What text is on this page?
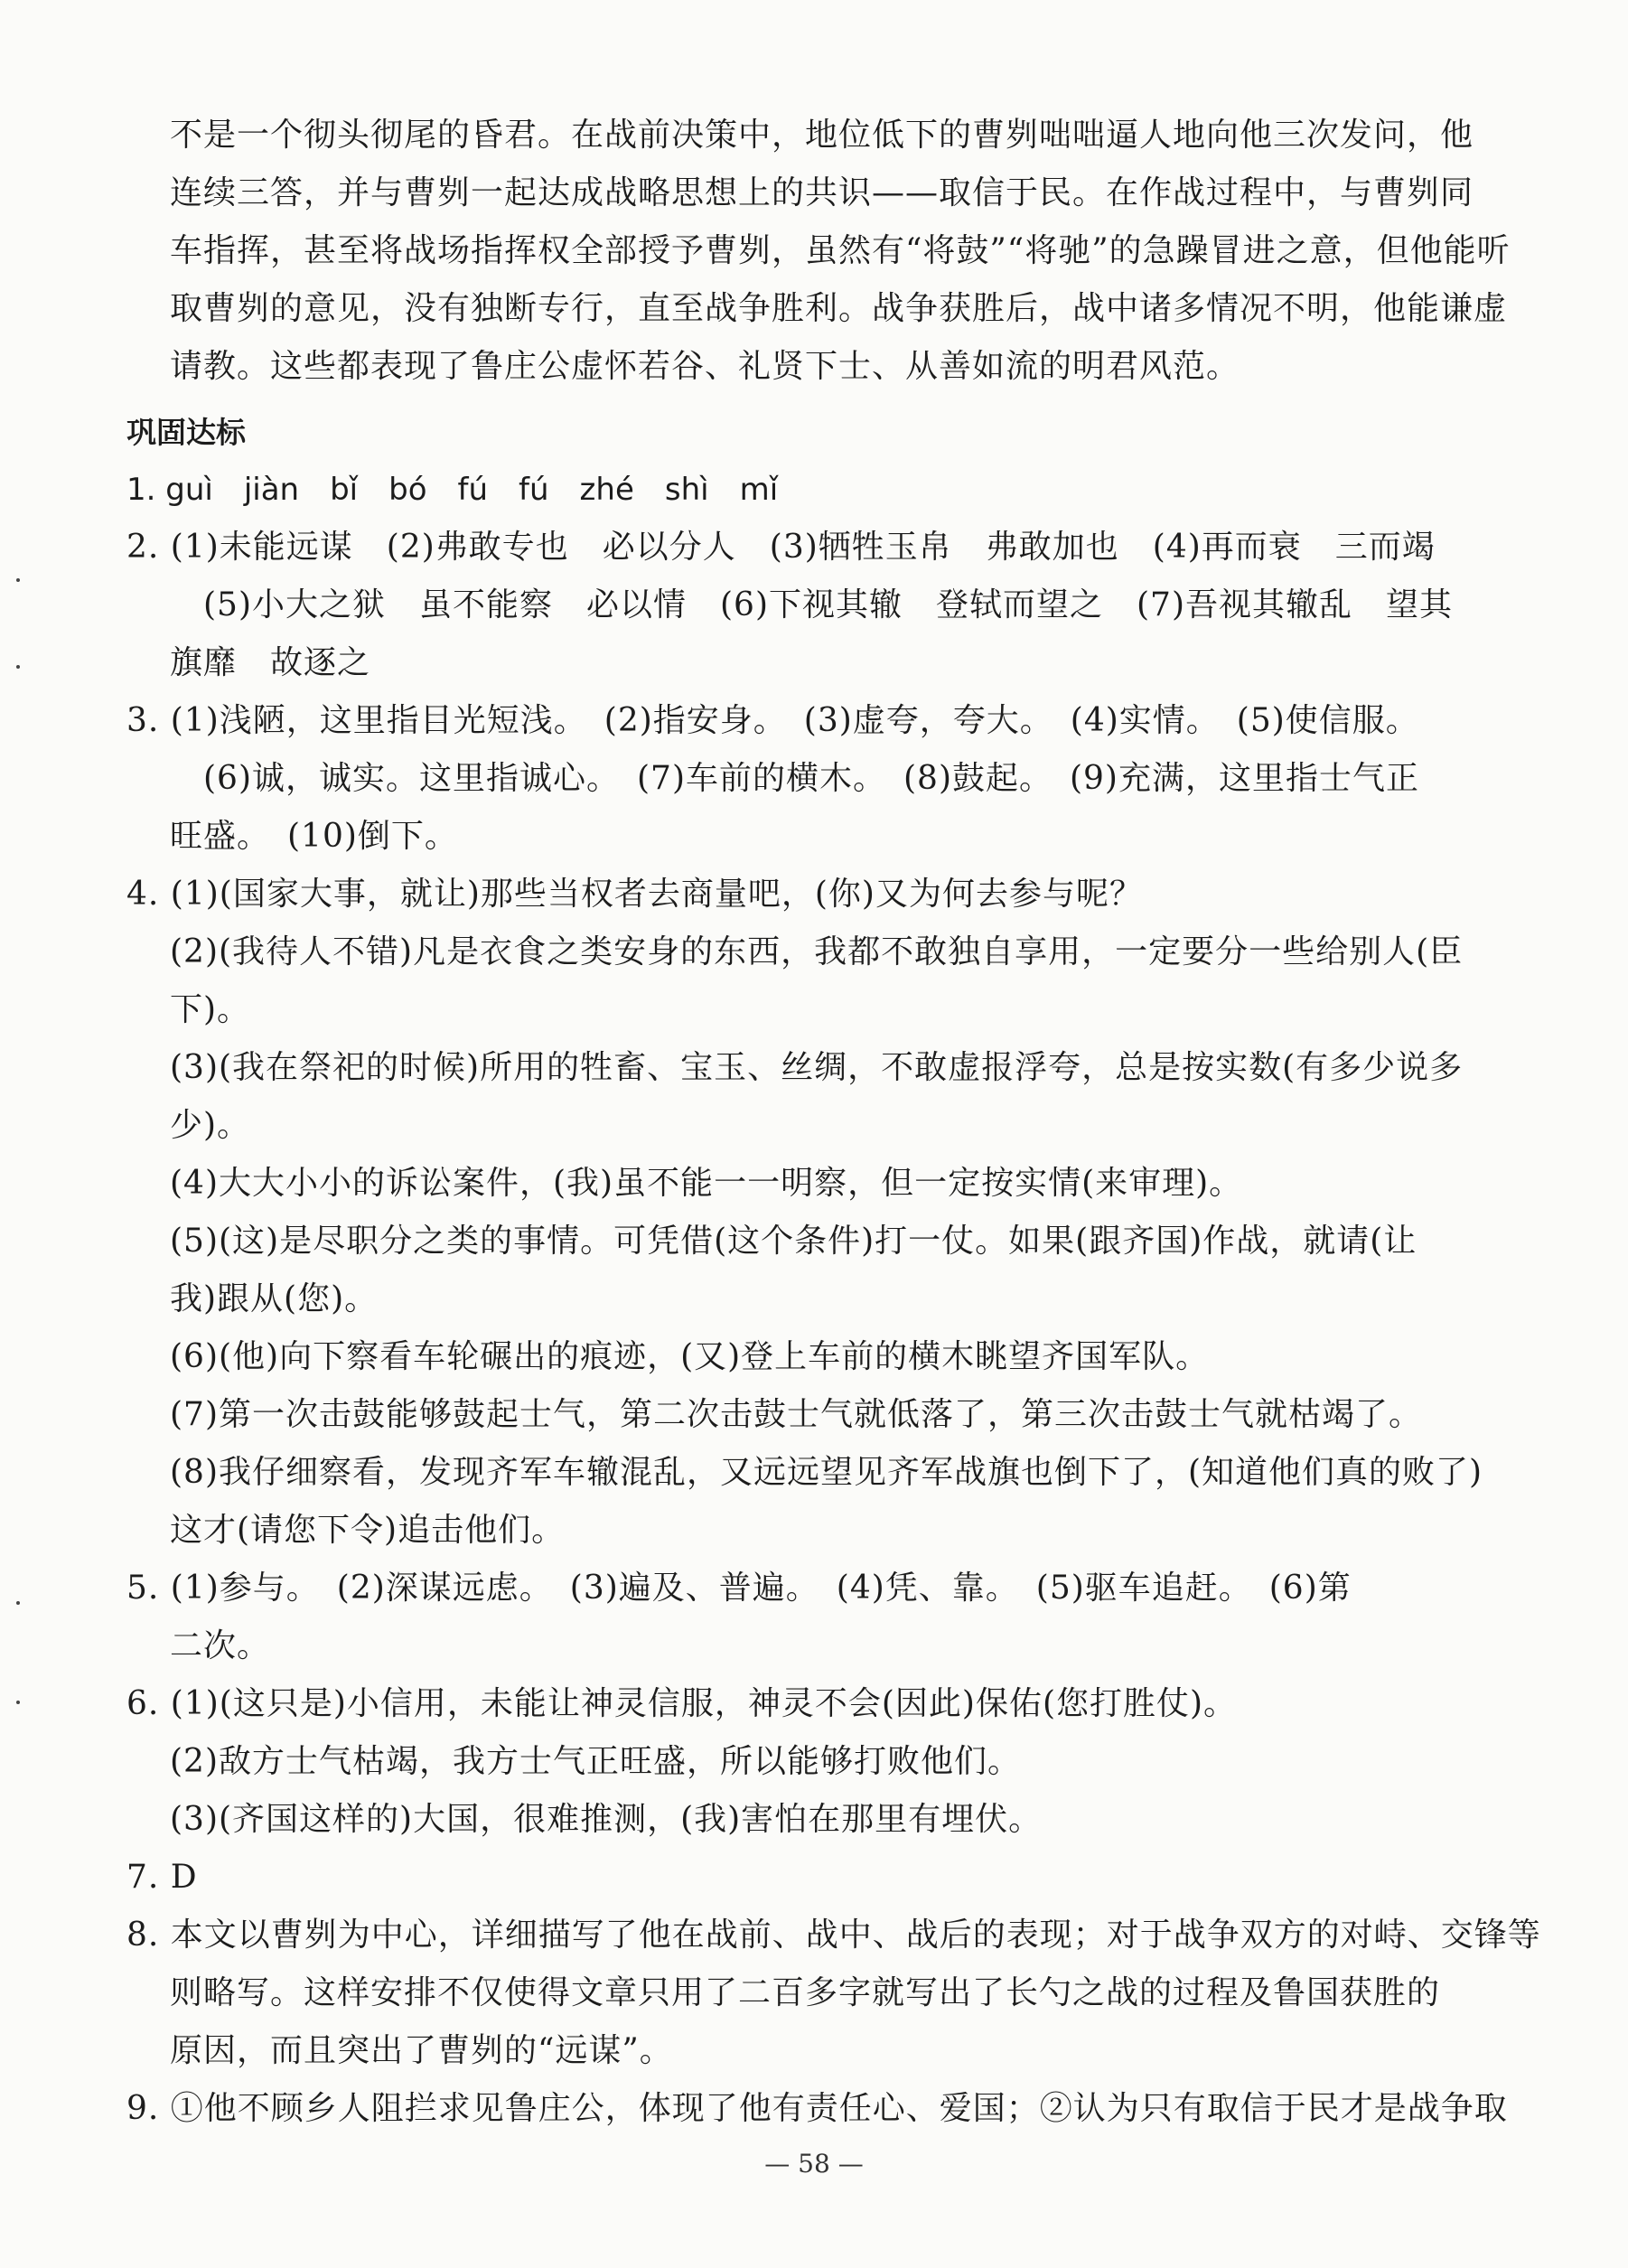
不是一个彻头彻尾的昏君。在战前决策中，地位低下的曹刿咄咄逼人地向他三次发问，他
连续三答，并与曹刿一起达成战略思想上的共识——取信于民。在作战过程中，与曹刿同
车指挥，甚至将战场指挥权全部授予曹刿，虽然有“将鼓”“将驰”的急躁冒进之意，但他能听
取曹刿的意见，没有独断专行，直至战争胜利。战争获胜后，战中诸多情况不明，他能谦虚
请教。这些都表现了鲁庄公虚怀若谷、礼贤下士、从善如流的明君风范。
巩固达标
1. guì　jiàn　bǐ　bó　fú　fú　zhé　shì　mǐ
2. (1)未能远谋　(2)弗敢专也　必以分人　(3)牺牲玉帛　弗敢加也　(4)再而衰　三而竭
(5)小大之狱　虽不能察　必以情　(6)下视其辙　登轼而望之　(7)吾视其辙乱　望其
旗靡　故逐之
3. (1)浅陋，这里指目光短浅。　(2)指安身。　(3)虚夸，夸大。　(4)实情。　(5)使信服。
(6)诚，诚实。这里指诚心。　(7)车前的横木。　(8)鼓起。　(9)充满，这里指士气正
旺盛。　(10)倒下。
4. (1)(国家大事，就让)那些当权者去商量吧，(你)又为何去参与呢？
(2)(我待人不错)凡是衣食之类安身的东西，我都不敢独自享用，一定要分一些给别人(臣
下)。
(3)(我在祭祀的时候)所用的牲畜、宝玉、丝绸，不敢虚报浮夸，总是按实数(有多少说多
少)。
(4)大大小小的诉讼案件，(我)虽不能一一明察，但一定按实情(来审理)。
(5)(这)是尽职分之类的事情。可凭借(这个条件)打一仗。如果(跟齐国)作战，就请(让
我)跟从(您)。
(6)(他)向下察看车轮碾出的痕迹，(又)登上车前的横木眺望齐国军队。
(7)第一次击鼓能够鼓起士气，第二次击鼓士气就低落了，第三次击鼓士气就枯竭了。
(8)我仔细察看，发现齐军车辙混乱，又远远望见齐军战旗也倒下了，(知道他们真的败了)
这才(请您下令)追击他们。
5. (1)参与。　(2)深谋远虑。　(3)遍及、普遍。　(4)凭、靠。　(5)驱车追赶。　(6)第
二次。
6. (1)(这只是)小信用，未能让神灵信服，神灵不会(因此)保佑(您打胜仗)。
(2)敌方士气枯竭，我方士气正旺盛，所以能够打败他们。
(3)(齐国这样的)大国，很难推测，(我)害怕在那里有埋伏。
7. D
8. 本文以曹刿为中心，详细描写了他在战前、战中、战后的表现；对于战争双方的对峙、交锋等
则略写。这样安排不仅使得文章只用了二百多字就写出了长勺之战的过程及鲁国获胜的
原因，而且突出了曹刿的“远谋”。
9. ①他不顾乡人阻拦求见鲁庄公，体现了他有责任心、爱国；②认为只有取信于民才是战争取
— 58 —
